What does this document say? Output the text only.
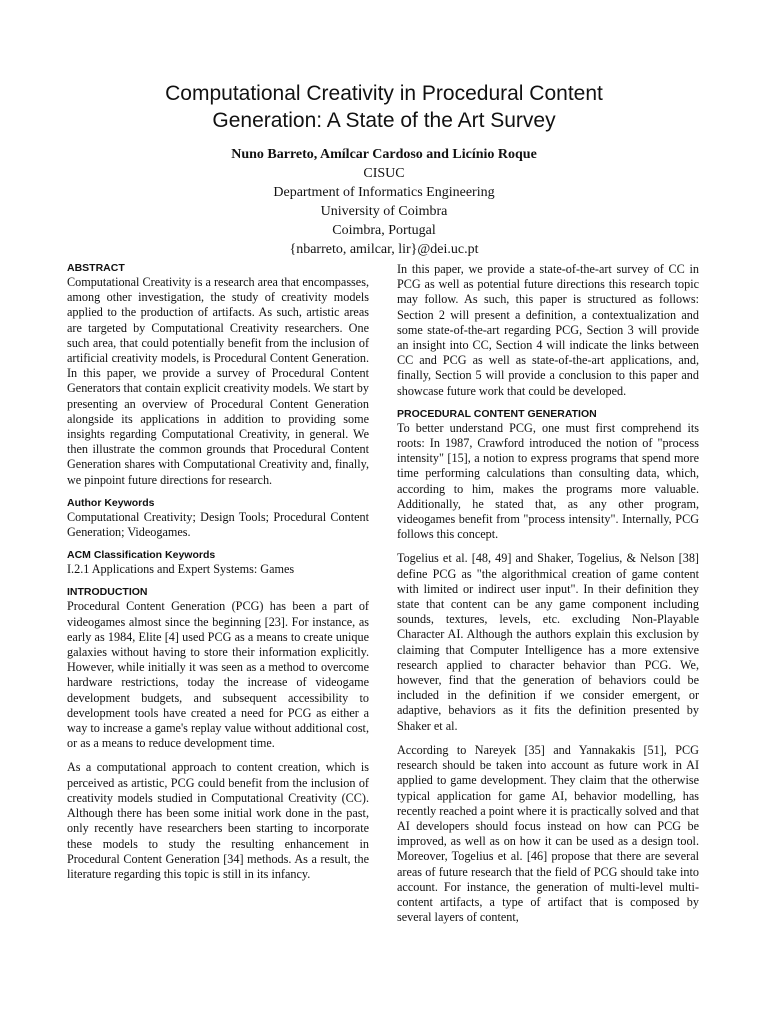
Computational Creativity in Procedural Content
Generation: A State of the Art Survey
Nuno Barreto, Amílcar Cardoso and Licínio Roque
CISUC
Department of Informatics Engineering
University of Coimbra
Coimbra, Portugal
{nbarreto, amilcar, lir}@dei.uc.pt
ABSTRACT

Computational Creativity is a research area that encompasses, among other investigation, the study of creativity models applied to the production of artifacts. As such, artistic areas are targeted by Computational Creativity researchers. One such area, that could potentially benefit from the inclusion of artificial creativity models, is Procedural Content Generation. In this paper, we provide a survey of Procedural Content Generators that contain explicit creativity models. We start by presenting an overview of Procedural Content Generation alongside its applications in addition to providing some insights regarding Computational Creativity, in general. We then illustrate the common grounds that Procedural Content Generation shares with Computational Creativity and, finally, we pinpoint future directions for research.

Author Keywords

Computational Creativity; Design Tools; Procedural Content Generation; Videogames.

ACM Classification Keywords

I.2.1 Applications and Expert Systems: Games

INTRODUCTION

Procedural Content Generation (PCG) has been a part of videogames almost since the beginning [23]. For instance, as early as 1984, Elite [4] used PCG as a means to create unique galaxies without having to store their information explicitly. However, while initially it was seen as a method to overcome hardware restrictions, today the increase of videogame development budgets, and subsequent accessibility to development tools have created a need for PCG as either a way to increase a game's replay value without additional cost, or as a means to reduce development time.

As a computational approach to content creation, which is perceived as artistic, PCG could benefit from the inclusion of creativity models studied in Computational Creativity (CC). Although there has been some initial work done in the past, only recently have researchers been starting to incorporate these models to study the resulting enhancement in Procedural Content Generation [34] methods. As a result, the literature regarding this topic is still in its infancy.

In this paper, we provide a state-of-the-art survey of CC in PCG as well as potential future directions this research topic may follow. As such, this paper is structured as follows: Section 2 will present a definition, a contextualization and some state-of-the-art regarding PCG, Section 3 will provide an insight into CC, Section 4 will indicate the links between CC and PCG as well as state-of-the-art applications, and, finally, Section 5 will provide a conclusion to this paper and showcase future work that could be developed.

PROCEDURAL CONTENT GENERATION

To better understand PCG, one must first comprehend its roots: In 1987, Crawford introduced the notion of "process intensity" [15], a notion to express programs that spend more time performing calculations than consulting data, which, according to him, makes the programs more valuable. Additionally, he stated that, as any other program, videogames benefit from "process intensity". Internally, PCG follows this concept.

Togelius et al. [48, 49] and Shaker, Togelius, & Nelson [38] define PCG as "the algorithmical creation of game content with limited or indirect user input". In their definition they state that content can be any game component including sounds, textures, levels, etc. excluding Non-Playable Character AI. Although the authors explain this exclusion by claiming that Computer Intelligence has a more extensive research applied to character behavior than PCG. We, however, find that the generation of behaviors could be included in the definition if we consider emergent, or adaptive, behaviors as it fits the definition presented by Shaker et al.

According to Nareyek [35] and Yannakakis [51], PCG research should be taken into account as future work in AI applied to game development. They claim that the otherwise typical application for game AI, behavior modelling, has recently reached a point where it is practically solved and that AI developers should focus instead on how can PCG be improved, as well as on how it can be used as a design tool. Moreover, Togelius et al. [46] propose that there are several areas of future research that the field of PCG should take into account. For instance, the generation of multi-level multi-content artifacts, a type of artifact that is composed by several layers of content,
